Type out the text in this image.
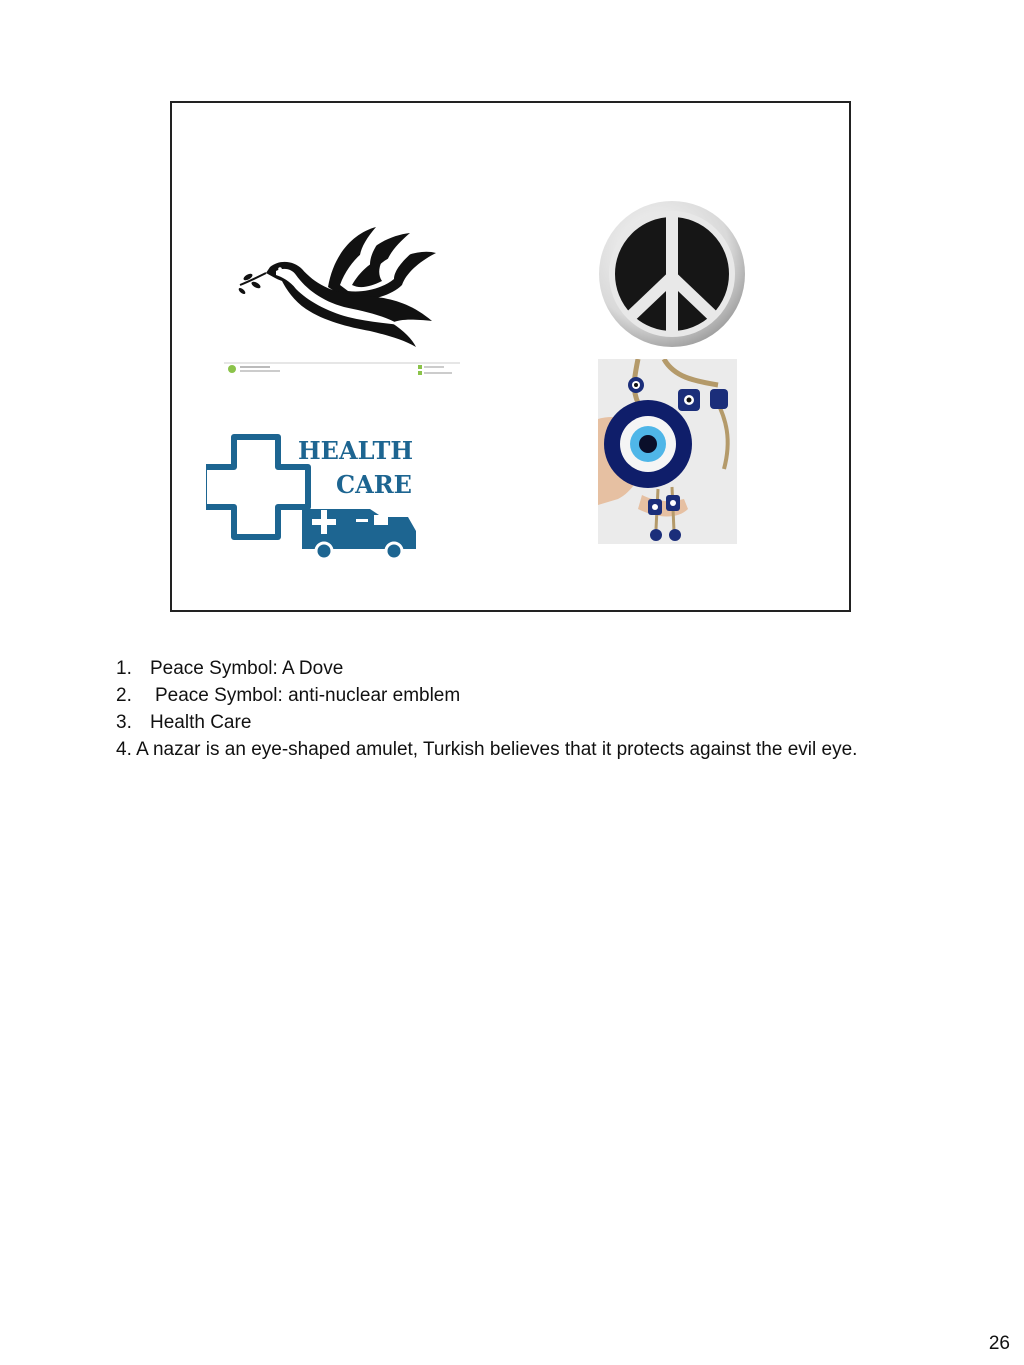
HEALTH
CARE
1. Peace Symbol: A Dove
2. Peace Symbol: anti-nuclear emblem
3. Health Care
4. A nazar is an eye-shaped amulet, Turkish believes that it protects against the evil eye.
26
